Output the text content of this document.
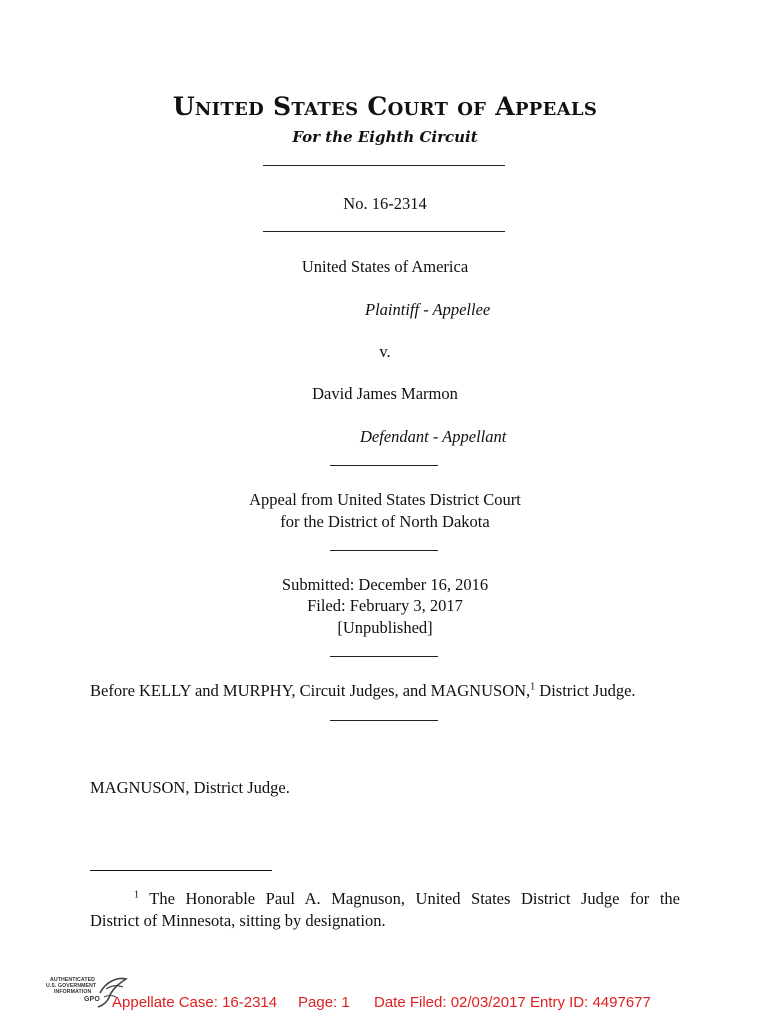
United States Court of Appeals
For the Eighth Circuit
No. 16-2314
United States of America
Plaintiff - Appellee
v.
David James Marmon
Defendant - Appellant
Appeal from United States District Court
for the District of North Dakota
Submitted: December 16, 2016
Filed: February 3, 2017
[Unpublished]
Before KELLY and MURPHY, Circuit Judges, and MAGNUSON,$^1$ District Judge.
MAGNUSON, District Judge.
$^1$ The Honorable Paul A. Magnuson, United States District Judge for the
District of Minnesota, sitting by designation.
AUTHENTICATED
U.S. GOVERNMENT
INFORMATION
GPO Appellate Case: 16-2314 Page: 1 Date Filed: 02/03/2017 Entry ID: 4497677
